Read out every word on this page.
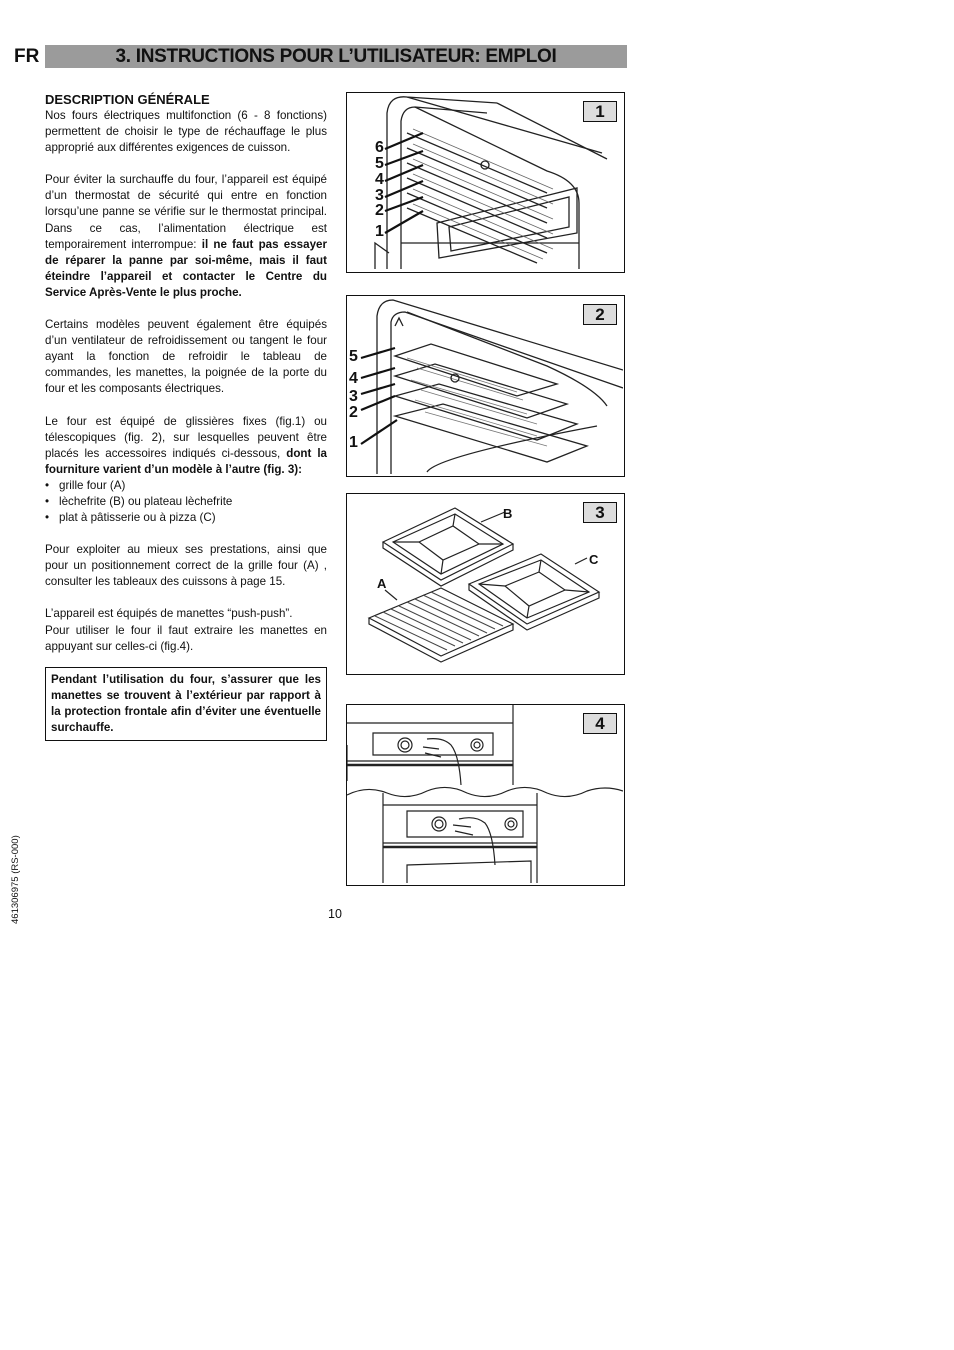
FR	3. INSTRUCTIONS POUR L’UTILISATEUR: EMPLOI
DESCRIPTION GÉNÉRALE

Nos fours électriques multifonction (6 - 8 fonctions) permettent de choisir le type de réchauffage le plus approprié aux différentes exigences de cuisson.

Pour éviter la surchauffe du four, l’appareil est équipé d’un thermostat de sécurité qui entre en fonction lorsqu’une panne se vérifie sur le thermostat principal. Dans ce cas, l’alimentation électrique est temporairement interrompue: il ne faut pas essayer de réparer la panne par soi-même, mais il faut éteindre l’appareil et contacter le Centre du Service Après-Vente le plus proche.

Certains modèles peuvent également être équipés d’un ventilateur de refroidissement ou tangent le four ayant la fonction de refroidir le tableau de commandes, les manettes, la poignée de la porte du four et les composants électriques.

Le four est équipé de glissières fixes (fig.1) ou télescopiques (fig. 2), sur lesquelles peuvent être placés les accessoires indiqués ci-dessous, dont la fourniture varient d’un modèle à l’autre (fig. 3):

• grille four (A)
• lèchefrite (B) ou plateau lèchefrite
• plat à pâtisserie ou à pizza (C)

Pour exploiter au mieux ses prestations, ainsi que pour un positionnement correct de la grille four (A) , consulter les tableaux des cuissons à page 15.

L’appareil est équipés de manettes “push-push”.
Pour utiliser le four il faut extraire les manettes en appuyant sur celles-ci (fig.4).

Pendant l’utilisation du four, s’assurer que les manettes se trouvent à l’extérieur par rapport à la protection frontale afin d’éviter une éventuelle surchauffe.
1
6
5
4
3
2
1
2
5
4
3
2
1
3
B
C
A
4
10
461306975 (RS-000)
